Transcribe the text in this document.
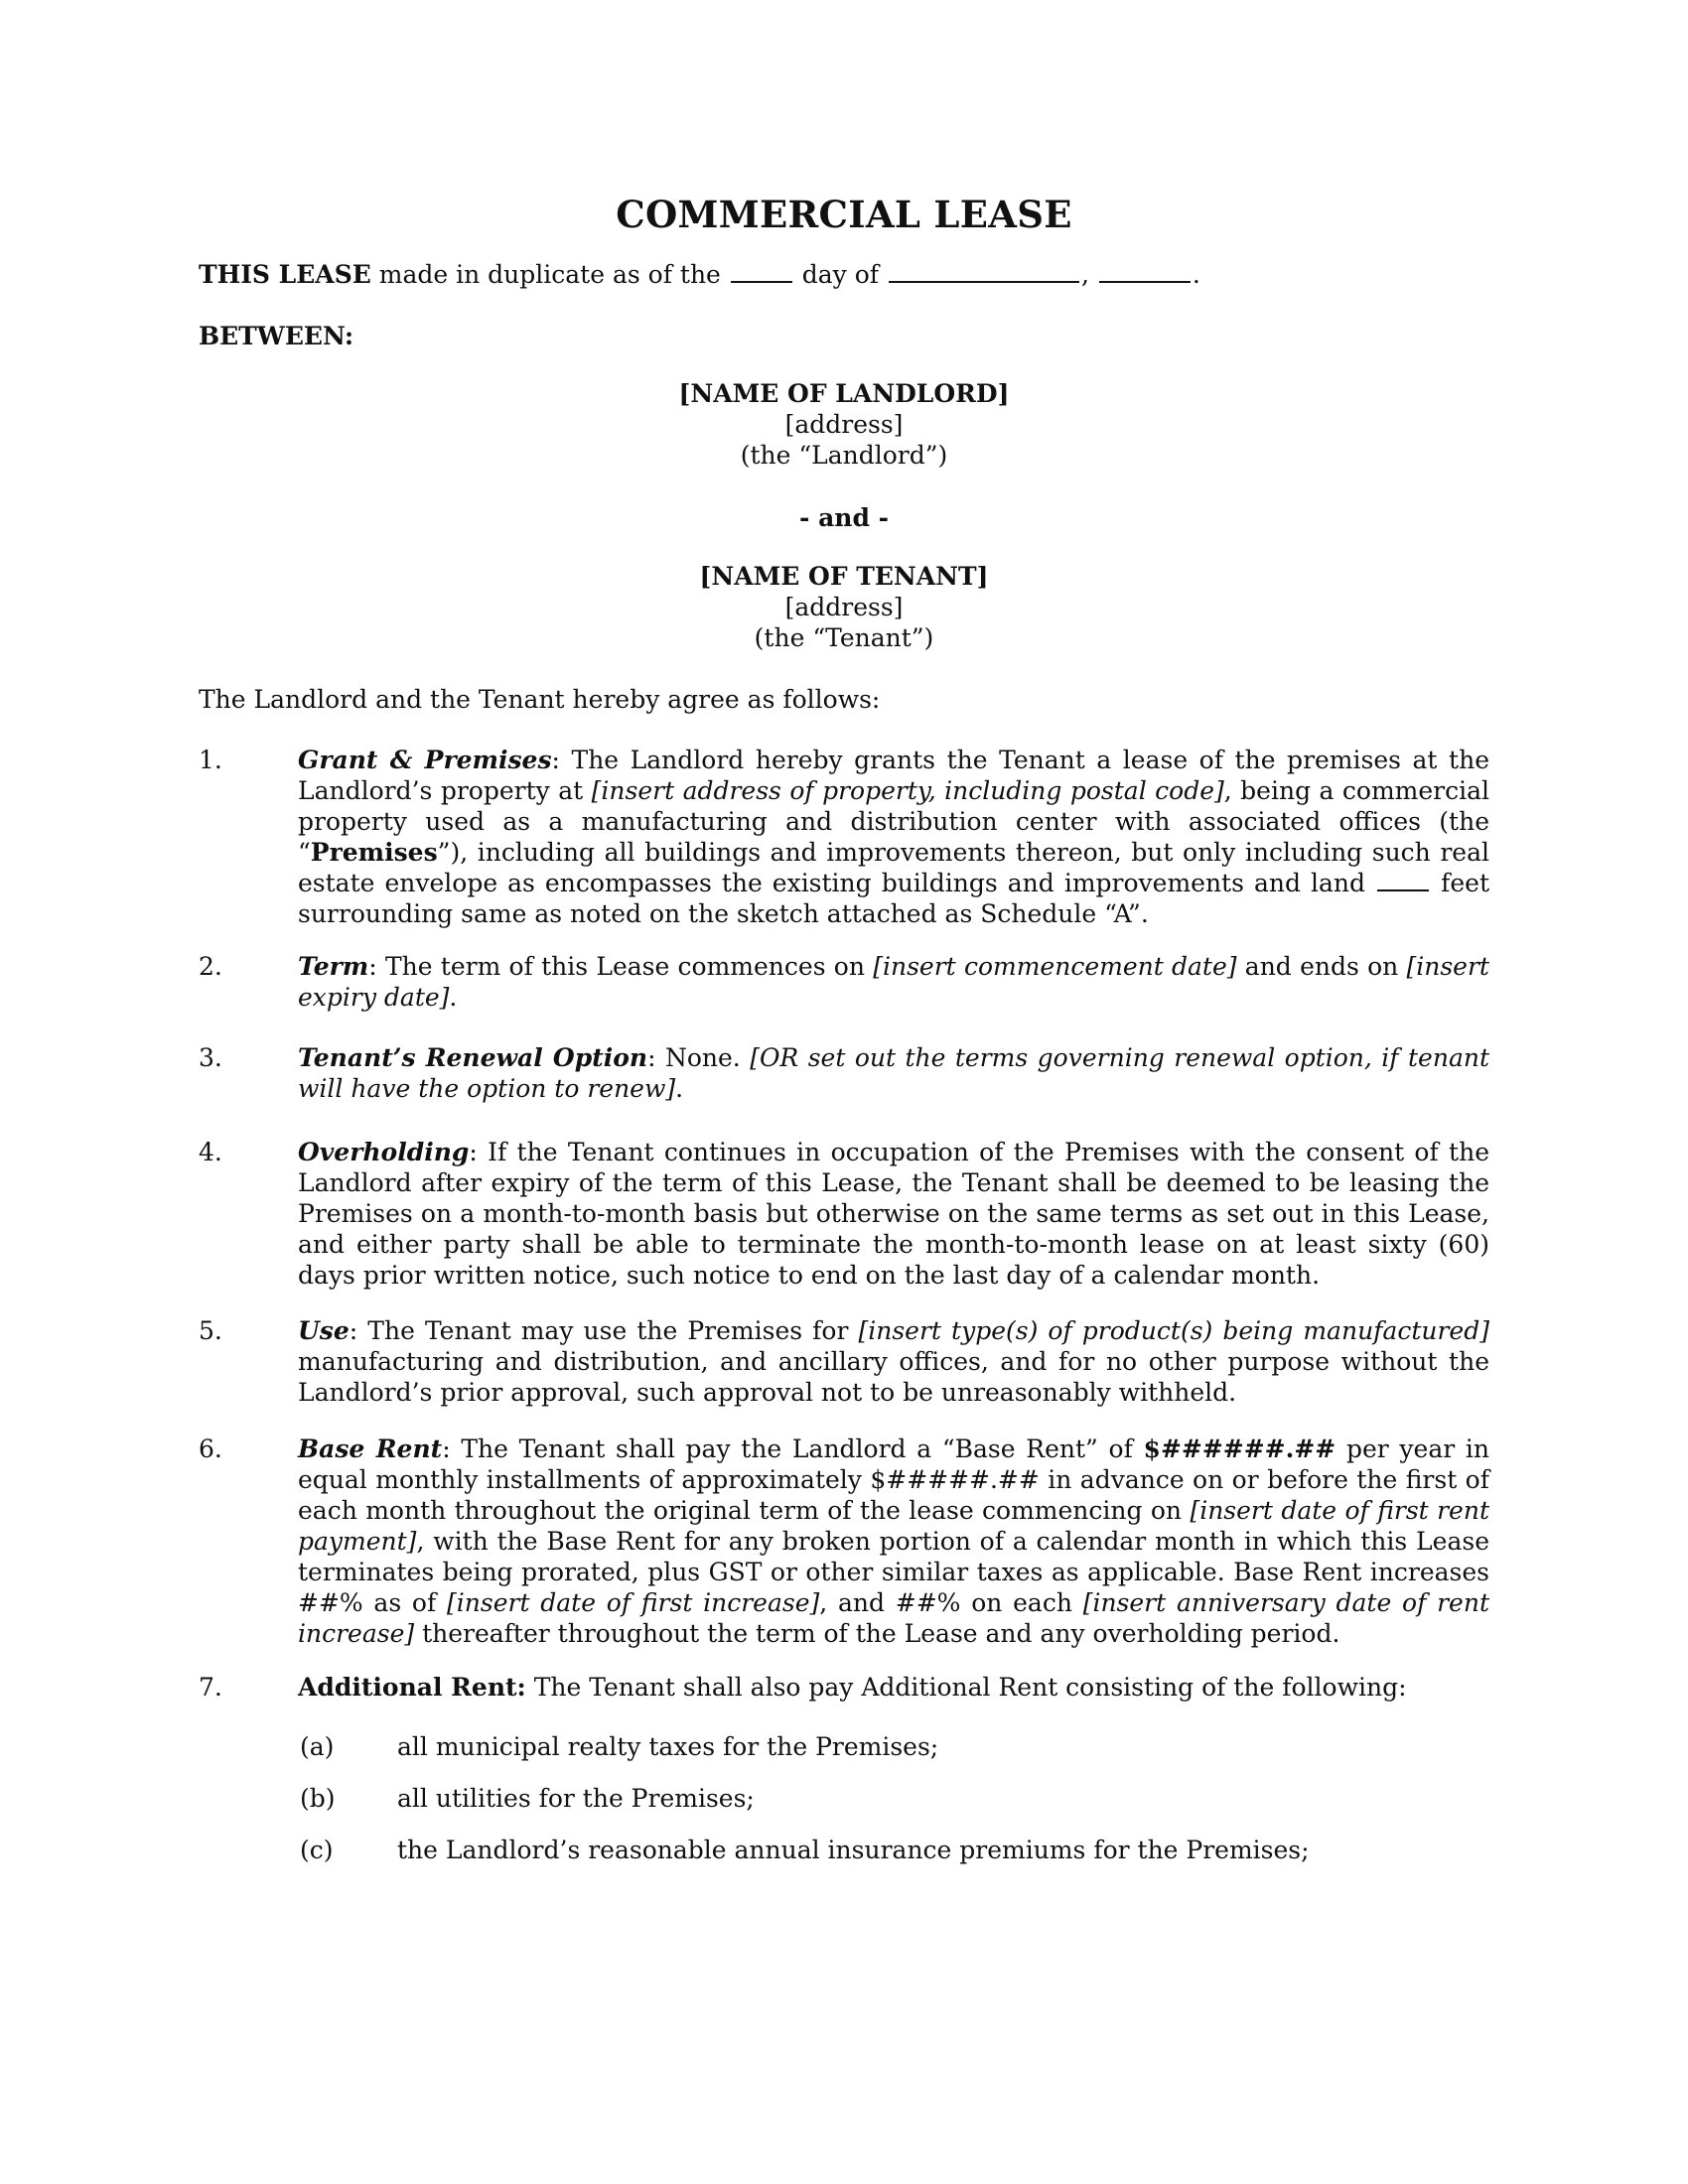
COMMERCIAL LEASE
THIS LEASE made in duplicate as of the	day of	,	.
BETWEEN:
[NAME OF LANDLORD]
[address]
(the “Landlord”)
- and -
[NAME OF TENANT]
[address]
(the “Tenant”)
The Landlord and the Tenant hereby agree as follows:
1.	Grant & Premises: The Landlord hereby grants the Tenant a lease of the premises at the Landlord’s property at [insert address of property, including postal code], being a commercial property used as a manufacturing and distribution center with associated offices (the “Premises”), including all buildings and improvements thereon, but only including such real estate envelope as encompasses the existing buildings and improvements and land  feet surrounding same as noted on the sketch attached as Schedule “A”.
2.	Term: The term of this Lease commences on [insert commencement date] and ends on [insert expiry date].
3.	Tenant’s Renewal Option: None. [OR set out the terms governing renewal option, if tenant will have the option to renew].
4.	Overholding: If the Tenant continues in occupation of the Premises with the consent of the Landlord after expiry of the term of this Lease, the Tenant shall be deemed to be leasing the Premises on a month-to-month basis but otherwise on the same terms as set out in this Lease, and either party shall be able to terminate the month-to-month lease on at least sixty (60) days prior written notice, such notice to end on the last day of a calendar month.
5.	Use: The Tenant may use the Premises for [insert type(s) of product(s) being manufactured] manufacturing and distribution, and ancillary offices, and for no other purpose without the Landlord’s prior approval, such approval not to be unreasonably withheld.
6.	Base Rent: The Tenant shall pay the Landlord a “Base Rent” of $######.## per year in equal monthly installments of approximately $#####.## in advance on or before the first of each month throughout the original term of the lease commencing on [insert date of first rent payment], with the Base Rent for any broken portion of a calendar month in which this Lease terminates being prorated, plus GST or other similar taxes as applicable. Base Rent increases ##% as of [insert date of first increase], and ##% on each [insert anniversary date of rent increase] thereafter throughout the term of the Lease and any overholding period.
7.	Additional Rent: The Tenant shall also pay Additional Rent consisting of the following:
(a)	all municipal realty taxes for the Premises;
(b) all utilities for the Premises;
(c)	the Landlord’s reasonable annual insurance premiums for the Premises;
